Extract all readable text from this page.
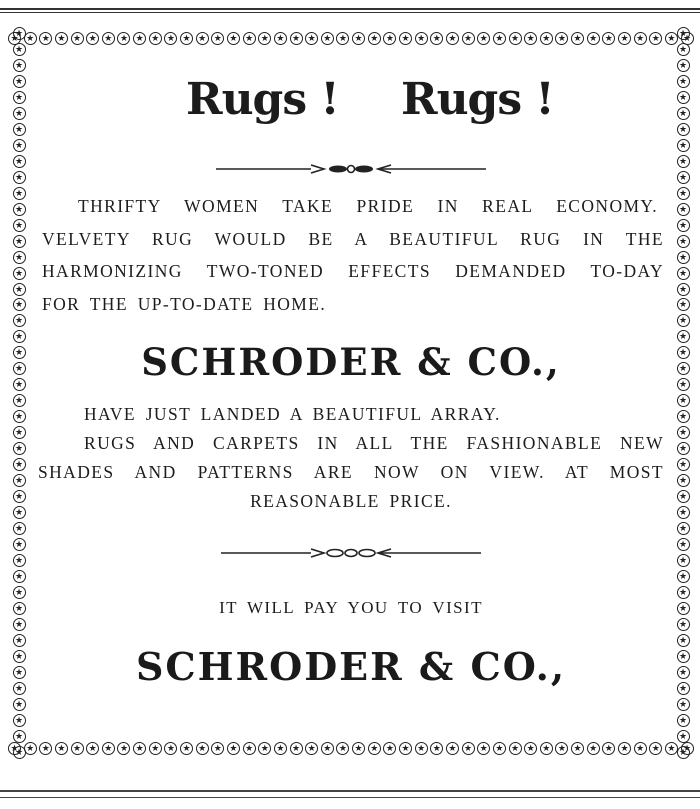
★ ★ ★ ★ ★ ★ ★ ★ ★ ★ ★ ★ ★ ★ ★ ★ ★ ★ ★ ★ ★ ★ ★ ★ ★ ★ ★ ★ ★ ★ ★ ★ ★ ★ ★ ★ ★ ★ ★ ★ ★ ★ ★ ★
★ ★ ★ ★ ★ ★ ★ ★ ★ ★ ★ ★ ★ ★ ★ ★ ★ ★ ★ ★ ★ ★ ★ ★ ★ ★ ★ ★ ★ ★ ★ ★ ★ ★ ★ ★ ★ ★ ★ ★ ★ ★ ★ ★
★
★
★
★
★
★
★
★
★
★
★
★
★
★
★
★
★
★
★
★
★
★
★
★
★
★
★
★
★
★
★
★
★
★
★
★
★
★
★
★
★
★
★
★
★
★
★
★
★
★
★
★
★
★
★
★
★
★
★
★
★
★
★
★
★
★
★
★
★
★
★
★
★
★
★
★
★
★
★
★
★
★
★
★
★
★
★
★
★
★
★
★
Rugs ! Rugs !
THRIFTY WOMEN TAKE PRIDE IN REAL ECONOMY.
VELVETY RUG WOULD BE A BEAUTIFUL RUG IN THE
HARMONIZING TWO-TONED EFFECTS DEMANDED TO-DAY
FOR THE UP-TO-DATE HOME.
SCHRODER & CO.,
HAVE JUST LANDED A BEAUTIFUL ARRAY.
RUGS AND CARPETS IN ALL THE FASHIONABLE NEW
SHADES AND PATTERNS ARE NOW ON VIEW. AT MOST
REASONABLE PRICE.
IT WILL PAY YOU TO VISIT
SCHRODER & CO.,
